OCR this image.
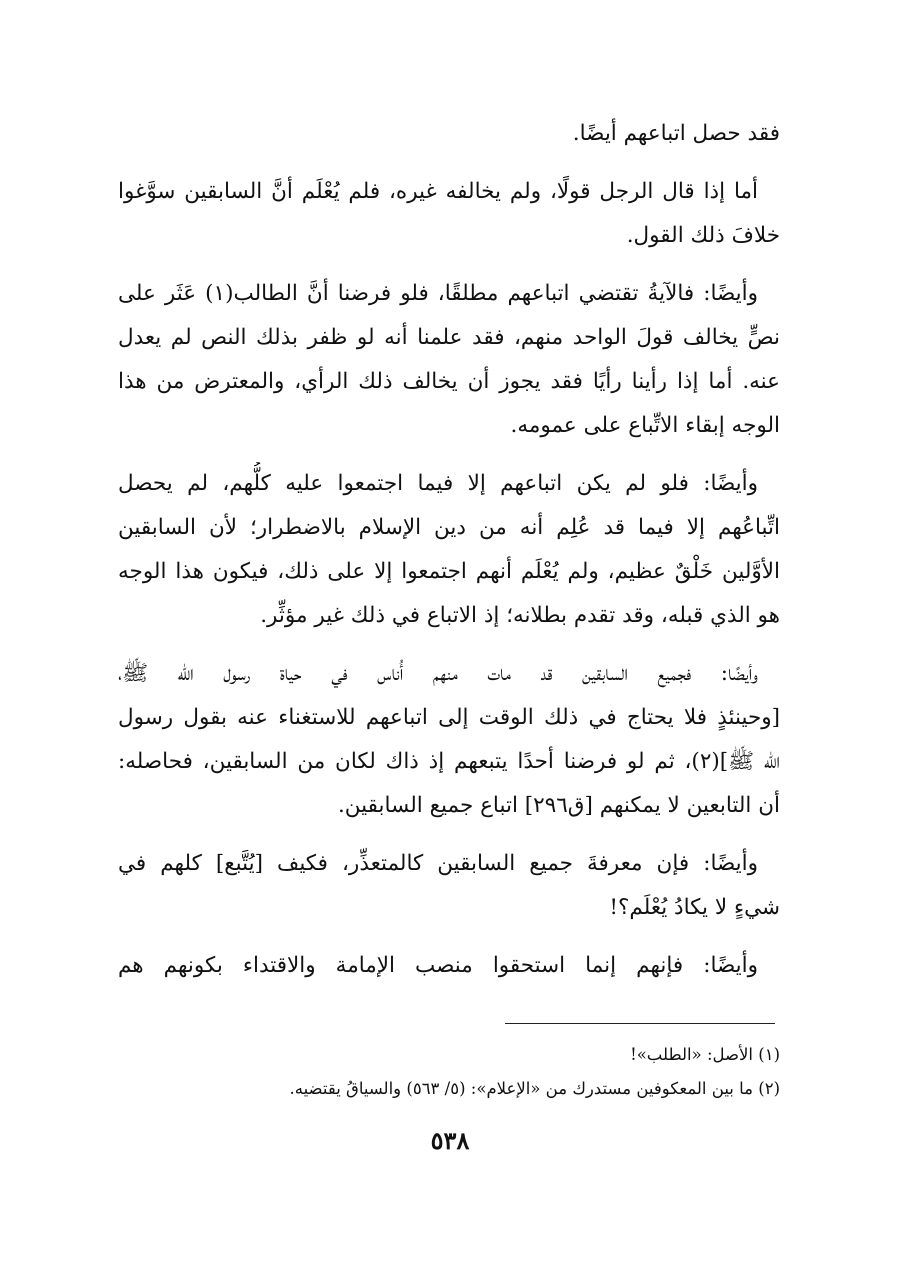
فقد حصل اتباعهم أيضًا.
أما إذا قال الرجل قولًا، ولم يخالفه غيره، فلم يُعْلَم أنَّ السابقين سوَّغوا
خلافَ ذلك القول.
وأيضًا: فالآيةُ تقتضي اتباعهم مطلقًا، فلو فرضنا أنَّ الطالب(١) عَثَر على
نصٍّ يخالف قولَ الواحد منهم، فقد علمنا أنه لو ظفر بذلك النص لم يعدل
عنه. أما إذا رأينا رأيًا فقد يجوز أن يخالف ذلك الرأي، والمعترض من هذا
الوجه إبقاء الاتِّباع على عمومه.
وأيضًا: فلو لم يكن اتباعهم إلا فيما اجتمعوا عليه كلُّهم، لم يحصل
اتِّباعُهم إلا فيما قد عُلِم أنه من دين الإسلام بالاضطرار؛ لأن السابقين
الأوَّلين خَلْقٌ عظيم، ولم يُعْلَم أنهم اجتمعوا إلا على ذلك، فيكون هذا الوجه
هو الذي قبله، وقد تقدم بطلانه؛ إذ الاتباع في ذلك غير مؤثِّر.
وأيضًا: فجميع السابقين قد مات منهم أُناس في حياة رسول الله ﷺ،
[وحينئذٍ فلا يحتاج في ذلك الوقت إلى اتباعهم للاستغناء عنه بقول رسول
الله ﷺ](٢)، ثم لو فرضنا أحدًا يتبعهم إذ ذاك لكان من السابقين، فحاصله:
أن التابعين لا يمكنهم [ق٢٩٦] اتباع جميع السابقين.
وأيضًا: فإن معرفةَ جميع السابقين كالمتعذِّر، فكيف [يُتَّبع] كلهم في
شيءٍ لا يكادُ يُعْلَم؟!
وأيضًا: فإنهم إنما استحقوا منصب الإمامة والاقتداء بكونهم هم
(١) الأصل: «الطلب»!
(٢) ما بين المعكوفين مستدرك من «الإعلام»: (٥/ ٥٦٣) والسياقُ يقتضيه.
٥٣٨
